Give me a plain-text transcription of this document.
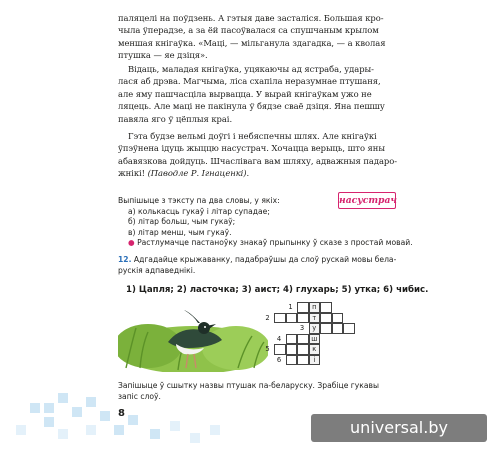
паляцелі на поўдзень. А гэтыя даве засталіся. Большая кро-
чыла ўперадзе, а за ёй пасоўвалася са спушчаным крылом
меншая кнігаўка. «Маці, — мільганула здагадка, — а кволая
птушка — яе дзіця».

Відаць, маладая кнігаўка, уцякаючы ад ястраба, удары-
лася аб дрэва. Магчыма, ліса схапіла неразумнае птушаня,
але яму пашчасціла вырвацца. У вырай кнігаўкам ужо не
ляцець. Але маці не пакінула ў бядзе сваё дзіця. Яна пешшу
павяла яго ў цёплыя краі.

Гэта будзе вельмі доўгі і небяспечны шлях. Але кнігаўкі
ўпэўнена ідуць жыццю насустрач. Хочацца верыць, што яны
абавязкова дойдуць. Шчаслівага вам шляху, адважныя падаро-
жнікі! (Паводле Р. Ігнаценкі).

Выпішыце з тэксту па два словы, у якіх:
а) колькасць гукаў і літар супадае;
б) літар больш, чым гукаў;
в) літар менш, чым гукаў.
● Растлумачце пастаноўку знакаў прыпынку ў сказе з простай мовай.
насустрач
12. Адгадайце крыжаванку, падабраўшы да слоў рускай мовы бела-
рускія адпаведнікі.
1) Цапля; 2) ласточка; 3) аист; 4) глухарь; 5) утка; 6) чибис.
1	п
2	т
3	у
4	ш
5	к
6	і
Запішыце ў сшытку назвы птушак па-беларуску. Зрабіце гукавы
запіс слоў.
8
universal.by
